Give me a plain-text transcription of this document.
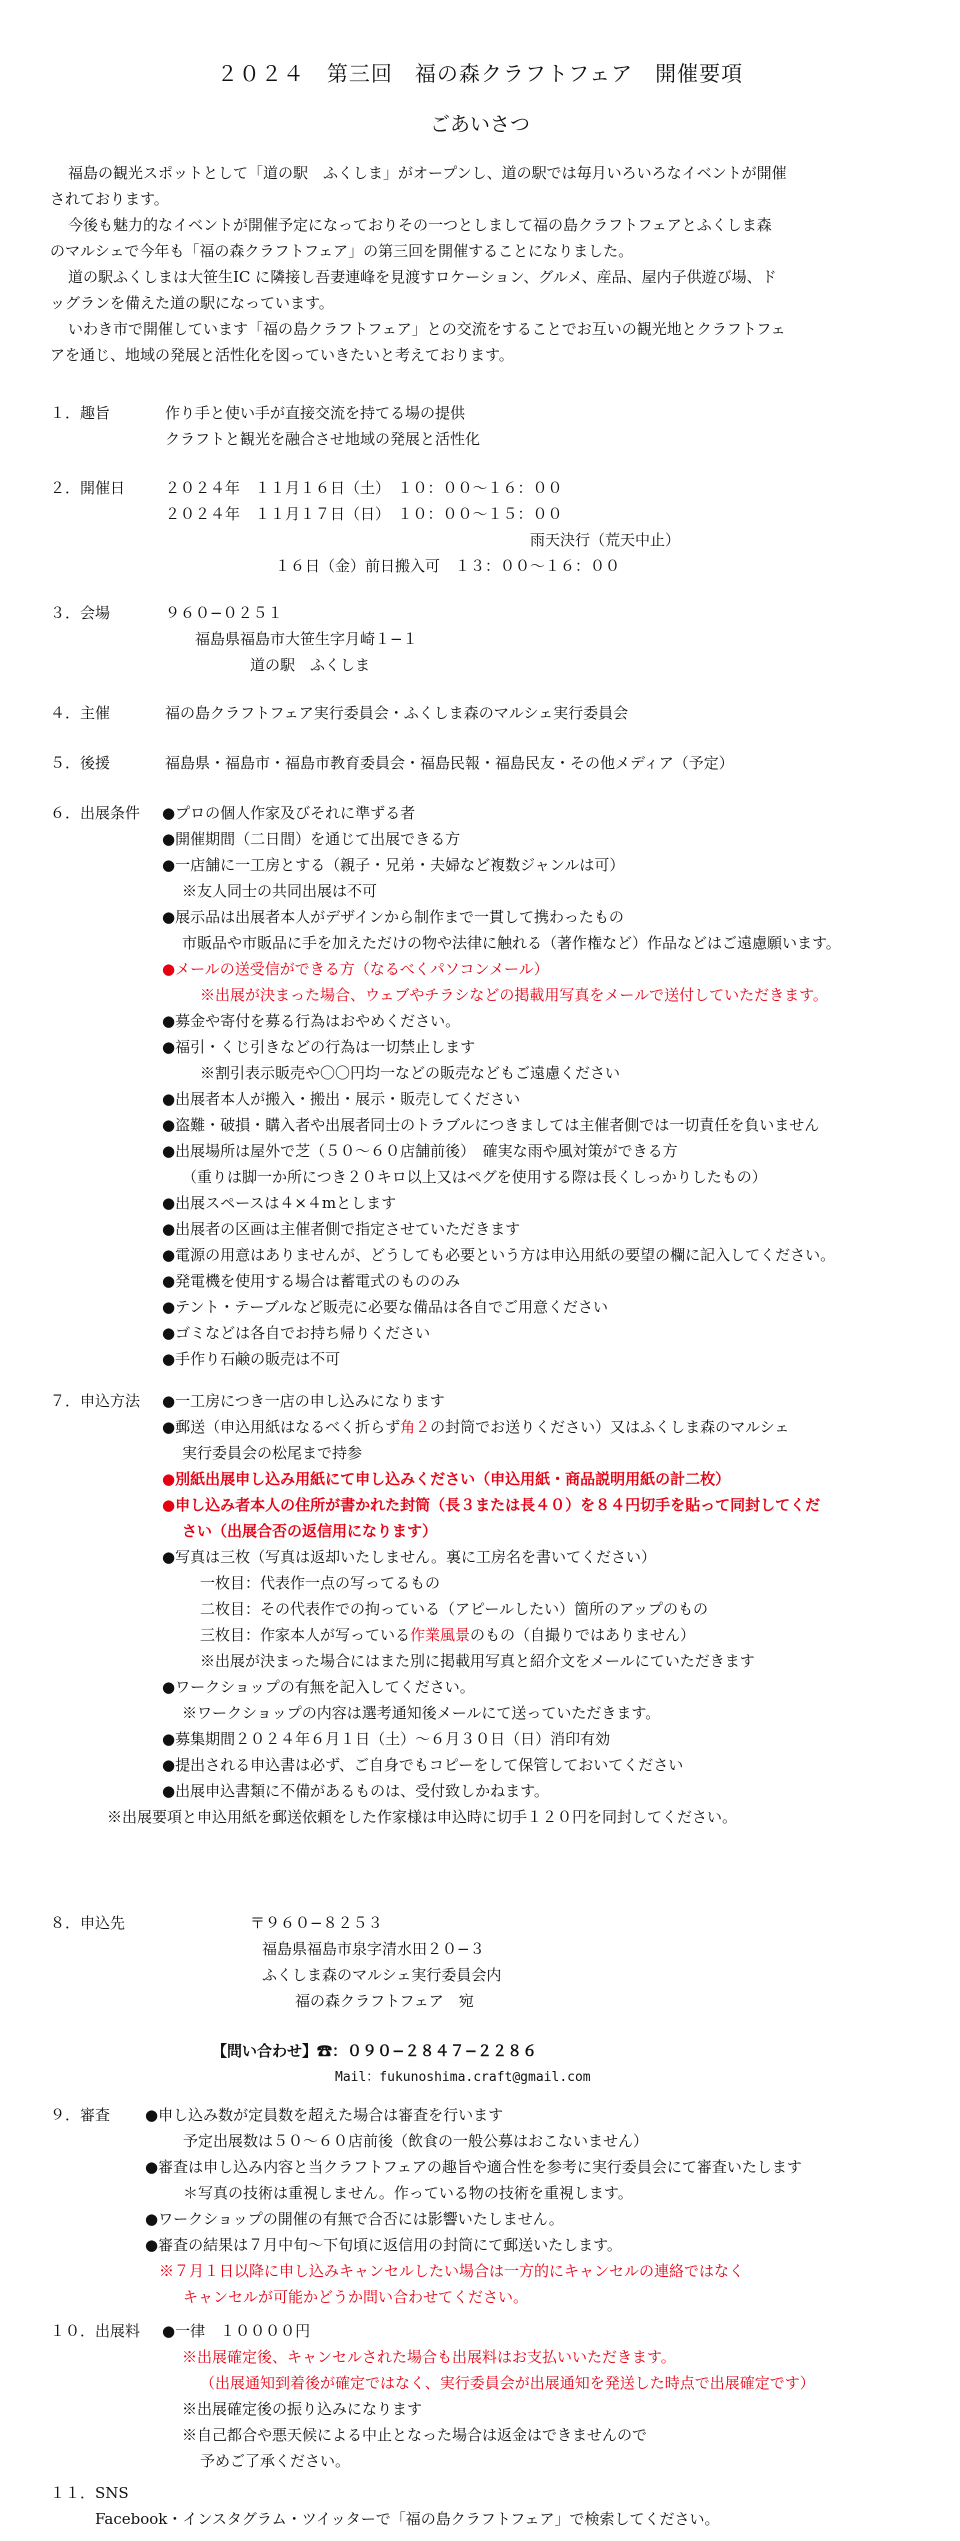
２０２４　第三回　福の森クラフトフェア　開催要項
ごあいさつ

福島の観光スポットとして「道の駅　ふくしま」がオープンし、道の駅では毎月いろいろなイベントが開催

されております。

今後も魅力的なイベントが開催予定になっておりその一つとしまして福の島クラフトフェアとふくしま森

のマルシェで今年も「福の森クラフトフェア」の第三回を開催することになりました。

道の駅ふくしまは大笹生IC に隣接し吾妻連峰を見渡すロケーション、グルメ、産品、屋内子供遊び場、ド

ッグランを備えた道の駅になっています。

いわき市で開催しています「福の島クラフトフェア」との交流をすることでお互いの観光地とクラフトフェ

アを通じ、地域の発展と活性化を図っていきたいと考えております。

１．趣旨	作り手と使い手が直接交流を持てる場の提供
クラフトと観光を融合させ地域の発展と活性化
２．開催日	２０２４年　１１月１６日（土）　１０：００〜１６：００
２０２４年　１１月１７日（日）　１０：００〜１５：００
雨天決行（荒天中止）
１６日（金）前日搬入可　１３：００〜１６：００
３．会場	９６０−０２５１
福島県福島市大笹生字月崎１−１
道の駅　ふくしま
４．主催	福の島クラフトフェア実行委員会・ふくしま森のマルシェ実行委員会
５．後援	福島県・福島市・福島市教育委員会・福島民報・福島民友・その他メディア（予定）
６．出展条件	●プロの個人作家及びそれに準ずる者
●開催期間（二日間）を通じて出展できる方
●一店舗に一工房とする（親子・兄弟・夫婦など複数ジャンルは可）
※友人同士の共同出展は不可
●展示品は出展者本人がデザインから制作まで一貫して携わったもの
市販品や市販品に手を加えただけの物や法律に触れる（著作権など）作品などはご遠慮願います。
●メールの送受信ができる方（なるべくパソコンメール）
※出展が決まった場合、ウェブやチラシなどの掲載用写真をメールで送付していただきます。
●募金や寄付を募る行為はおやめください。
●福引・くじ引きなどの行為は一切禁止します
※割引表示販売や〇〇円均一などの販売などもご遠慮ください
●出展者本人が搬入・搬出・展示・販売してください
●盗難・破損・購入者や出展者同士のトラブルにつきましては主催者側では一切責任を負いません
●出展場所は屋外で芝（５０〜６０店舗前後）　確実な雨や風対策ができる方
（重りは脚一か所につき２０キロ以上又はペグを使用する際は長くしっかりしたもの）
●出展スペースは４×４mとします
●出展者の区画は主催者側で指定させていただきます
●電源の用意はありませんが、どうしても必要という方は申込用紙の要望の欄に記入してください。
●発電機を使用する場合は蓄電式のもののみ
●テント・テーブルなど販売に必要な備品は各自でご用意ください
●ゴミなどは各自でお持ち帰りください
●手作り石鹸の販売は不可
７．申込方法	●一工房につき一店の申し込みになります
●郵送（申込用紙はなるべく折らず角２の封筒でお送りください）又はふくしま森のマルシェ
実行委員会の松尾まで持参
●別紙出展申し込み用紙にて申し込みください（申込用紙・商品説明用紙の計二枚）
●申し込み者本人の住所が書かれた封筒（長３または長４０）を８４円切手を貼って同封してくだ
さい（出展合否の返信用になります）
●写真は三枚（写真は返却いたしません。裏に工房名を書いてください）
一枚目：代表作一点の写ってるもの
二枚目：その代表作での拘っている（アピールしたい）箇所のアップのもの
三枚目：作家本人が写っている作業風景のもの（自撮りではありません）
※出展が決まった場合にはまた別に掲載用写真と紹介文をメールにていただきます
●ワークショップの有無を記入してください。
※ワークショップの内容は選考通知後メールにて送っていただきます。
●募集期間２０２４年６月１日（土）〜６月３０日（日）消印有効
●提出される申込書は必ず、ご自身でもコピーをして保管しておいてください
●出展申込書類に不備があるものは、受付致しかねます。
※出展要項と申込用紙を郵送依頼をした作家様は申込時に切手１２０円を同封してください。
８．申込先	〒９６０−８２５３
福島県福島市泉字清水田２０−３
ふくしま森のマルシェ実行委員会内
福の森クラフトフェア　宛
【問い合わせ】☎：０９０−２８４７−２２８６
Mail：fukunoshima.craft@gmail.com
９．審査	●申し込み数が定員数を超えた場合は審査を行います
予定出展数は５０〜６０店前後（飲食の一般公募はおこないません）
●審査は申し込み内容と当クラフトフェアの趣旨や適合性を参考に実行委員会にて審査いたします
＊写真の技術は重視しません。作っている物の技術を重視します。
●ワークショップの開催の有無で合否には影響いたしません。
●審査の結果は７月中旬〜下旬頃に返信用の封筒にて郵送いたします。
※７月１日以降に申し込みキャンセルしたい場合は一方的にキャンセルの連絡ではなく
キャンセルが可能かどうか問い合わせてください。
１０．出展料	●一律　１００００円
※出展確定後、キャンセルされた場合も出展料はお支払いいただきます。
（出展通知到着後が確定ではなく、実行委員会が出展通知を発送した時点で出展確定です）
※出展確定後の振り込みになります
※自己都合や悪天候による中止となった場合は返金はできませんので
予めご了承ください。
１１．SNS
Facebook・インスタグラム・ツイッターで「福の島クラフトフェア」で検索してください。
